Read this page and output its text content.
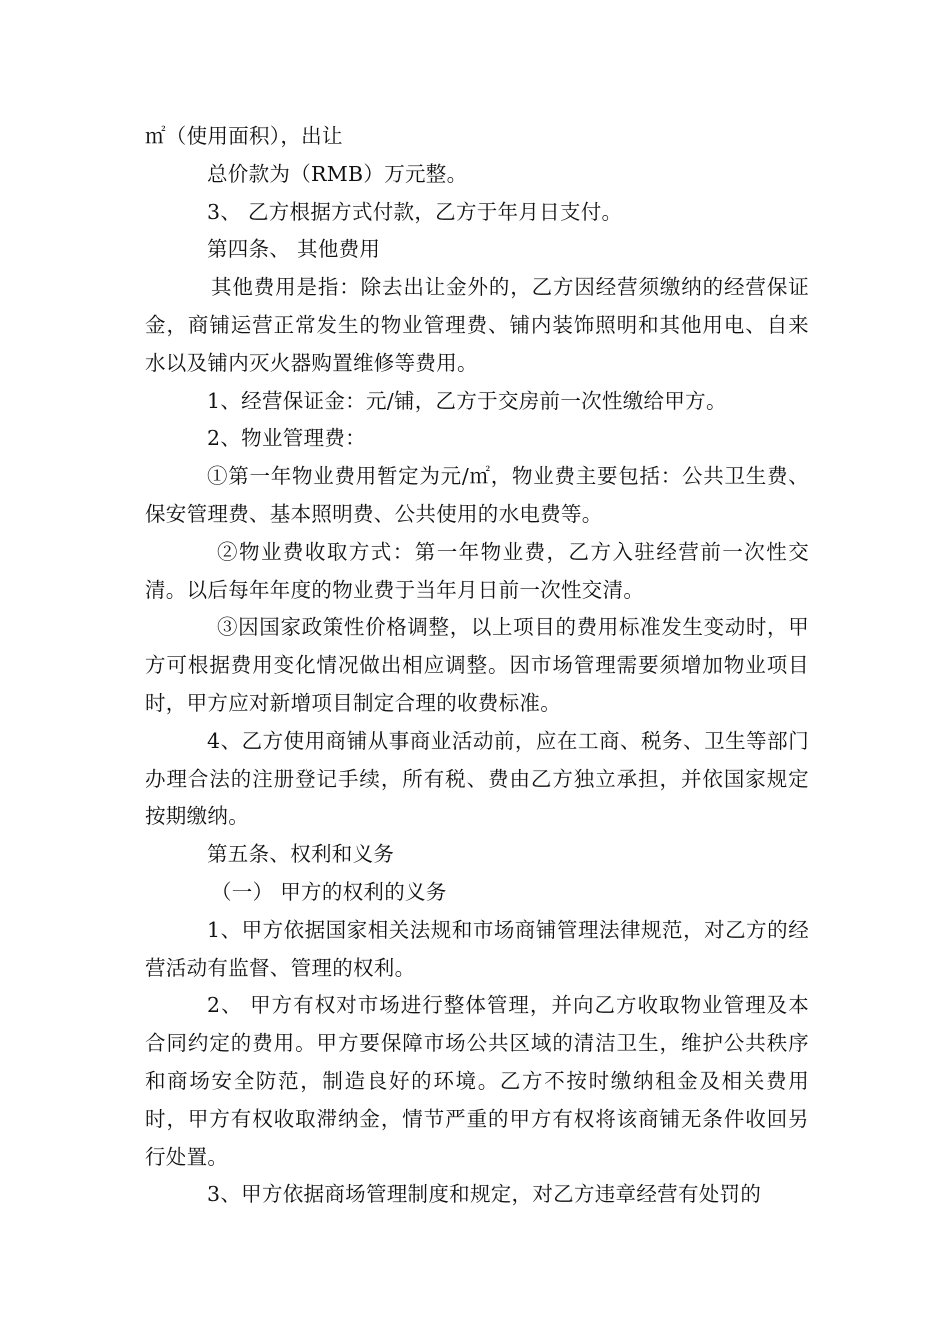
㎡（使用面积），出让

总价款为（RMB）万元整。

3、 乙方根据方式付款，乙方于年月日支付。

第四条、 其他费用

其他费用是指：除去出让金外的，乙方因经营须缴纳的经营保证金，商铺运营正常发生的物业管理费、铺内装饰照明和其他用电、自来水以及铺内灭火器购置维修等费用。

1、经营保证金：元/铺，乙方于交房前一次性缴给甲方。

2、物业管理费：

①第一年物业费用暂定为元/㎡，物业费主要包括：公共卫生费、保安管理费、基本照明费、公共使用的水电费等。

②物业费收取方式：第一年物业费，乙方入驻经营前一次性交清。以后每年年度的物业费于当年月日前一次性交清。

③因国家政策性价格调整，以上项目的费用标准发生变动时，甲方可根据费用变化情况做出相应调整。因市场管理需要须增加物业项目时，甲方应对新增项目制定合理的收费标准。

4、乙方使用商铺从事商业活动前，应在工商、税务、卫生等部门办理合法的注册登记手续，所有税、费由乙方独立承担，并依国家规定按期缴纳。

第五条、权利和义务

（一） 甲方的权利的义务

1、甲方依据国家相关法规和市场商铺管理法律规范，对乙方的经营活动有监督、管理的权利。

2、 甲方有权对市场进行整体管理，并向乙方收取物业管理及本合同约定的费用。甲方要保障市场公共区域的清洁卫生，维护公共秩序和商场安全防范，制造良好的环境。乙方不按时缴纳租金及相关费用时，甲方有权收取滞纳金，情节严重的甲方有权将该商铺无条件收回另行处置。

3、甲方依据商场管理制度和规定，对乙方违章经营有处罚的
